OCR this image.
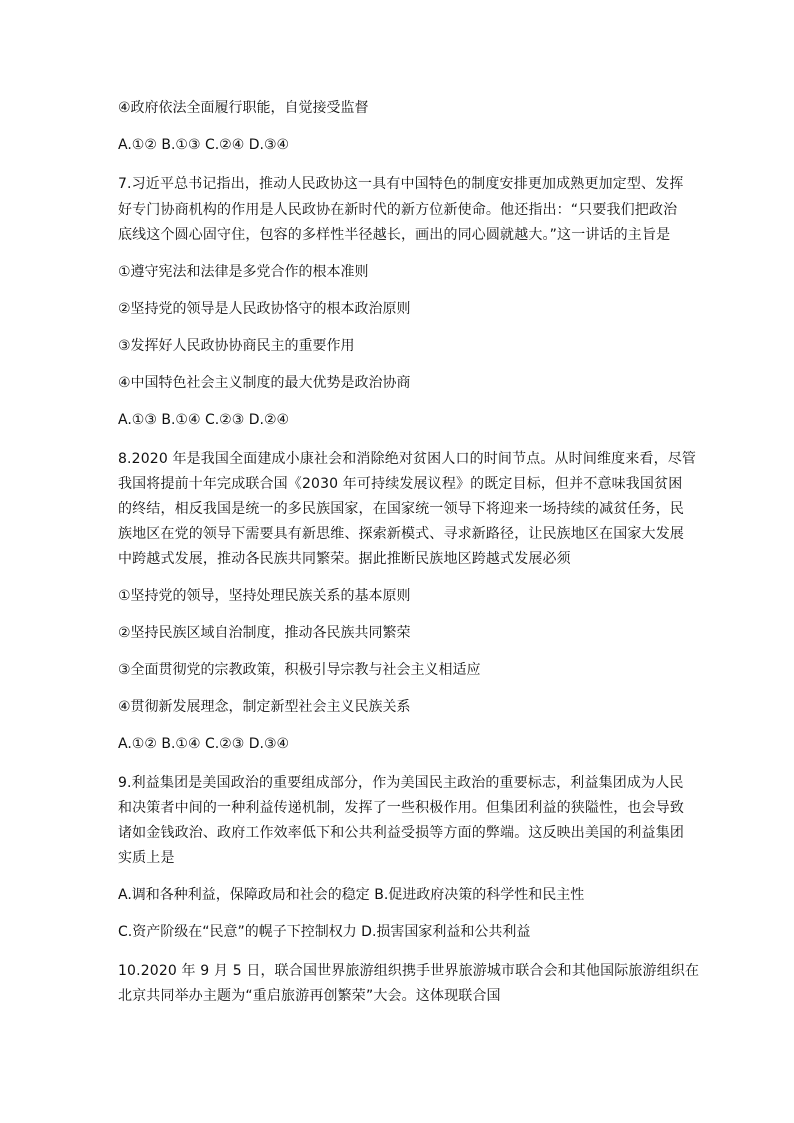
④政府依法全面履行职能，自觉接受监督
A.①② B.①③ C.②④ D.③④
7.习近平总书记指出，推动人民政协这一具有中国特色的制度安排更加成熟更加定型、发挥
好专门协商机构的作用是人民政协在新时代的新方位新使命。他还指出：“只要我们把政治
底线这个圆心固守住，包容的多样性半径越长，画出的同心圆就越大。”这一讲话的主旨是
①遵守宪法和法律是多党合作的根本准则
②坚持党的领导是人民政协恪守的根本政治原则
③发挥好人民政协协商民主的重要作用
④中国特色社会主义制度的最大优势是政治协商
A.①③ B.①④ C.②③ D.②④
8.2020 年是我国全面建成小康社会和消除绝对贫困人口的时间节点。从时间维度来看，尽管
我国将提前十年完成联合国《2030 年可持续发展议程》的既定目标，但并不意味我国贫困
的终结，相反我国是统一的多民族国家，在国家统一领导下将迎来一场持续的减贫任务，民
族地区在党的领导下需要具有新思维、探索新模式、寻求新路径，让民族地区在国家大发展
中跨越式发展，推动各民族共同繁荣。据此推断民族地区跨越式发展必须
①坚持党的领导，坚持处理民族关系的基本原则
②坚持民族区域自治制度，推动各民族共同繁荣
③全面贯彻党的宗教政策，积极引导宗教与社会主义相适应
④贯彻新发展理念，制定新型社会主义民族关系
A.①② B.①④ C.②③ D.③④
9.利益集团是美国政治的重要组成部分，作为美国民主政治的重要标志，利益集团成为人民
和决策者中间的一种利益传递机制，发挥了一些积极作用。但集团利益的狭隘性，也会导致
诸如金钱政治、政府工作效率低下和公共利益受损等方面的弊端。这反映出美国的利益集团
实质上是
A.调和各种利益，保障政局和社会的稳定 B.促进政府决策的科学性和民主性
C.资产阶级在“民意”的幌子下控制权力 D.损害国家利益和公共利益
10.2020 年 9 月 5 日，联合国世界旅游组织携手世界旅游城市联合会和其他国际旅游组织在
北京共同举办主题为“重启旅游再创繁荣”大会。这体现联合国
